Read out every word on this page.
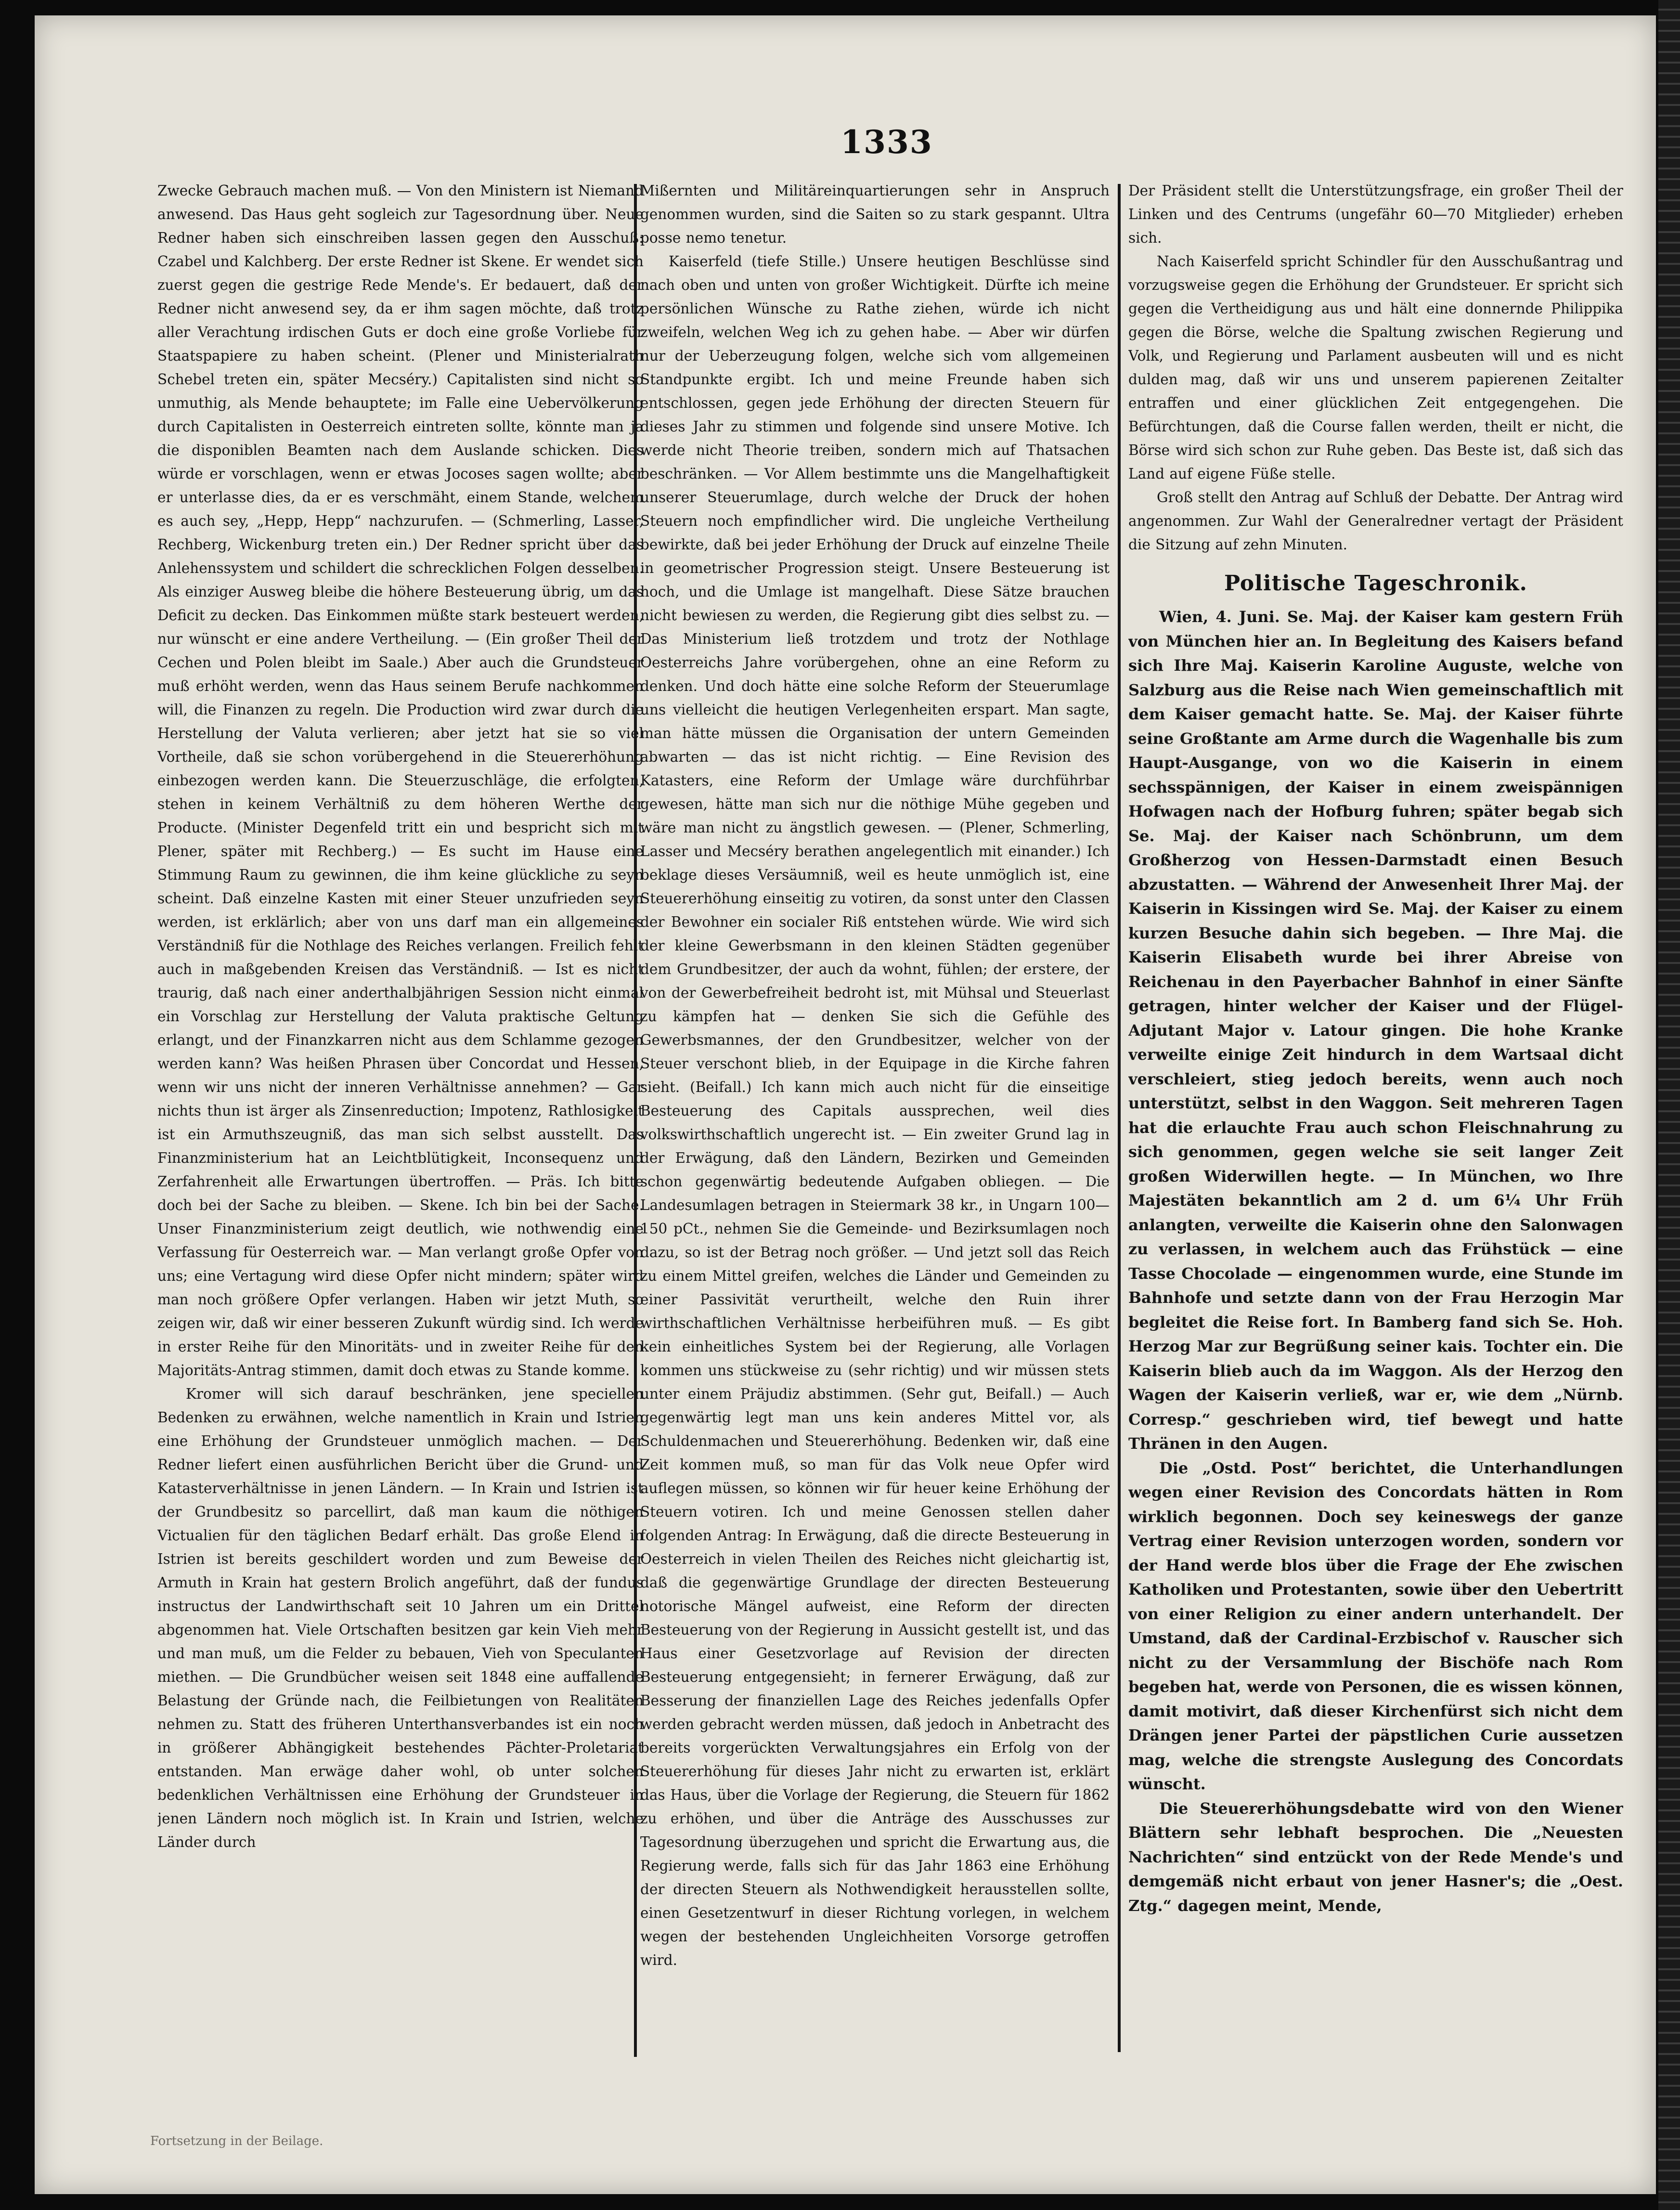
1333

Zwecke Gebrauch machen muß. — Von den Ministern ist Niemand anwesend. Das Haus geht sogleich zur Tagesordnung über. Neue Redner haben sich einschreiben lassen gegen den Ausschuß: Czabel und Kalchberg. Der erste Redner ist Skene. Er wendet sich zuerst gegen die gestrige Rede Mende's. Er bedauert, daß der Redner nicht anwesend sey, da er ihm sagen möchte, daß trotz aller Verachtung irdischen Guts er doch eine große Vorliebe für Staatspapiere zu haben scheint. (Plener und Ministerialrath Schebel treten ein, später Mecséry.) Capitalisten sind nicht so unmuthig, als Mende behauptete; im Falle eine Uebervölkerung durch Capitalisten in Oesterreich eintreten sollte, könnte man ja die disponiblen Beamten nach dem Auslande schicken. Dies würde er vorschlagen, wenn er etwas Jocoses sagen wollte; aber er unterlasse dies, da er es verschmäht, einem Stande, welchem es auch sey, „Hepp, Hepp“ nachzurufen. — (Schmerling, Lasser, Rechberg, Wickenburg treten ein.) Der Redner spricht über das Anlehenssystem und schildert die schrecklichen Folgen desselben. Als einziger Ausweg bleibe die höhere Besteuerung übrig, um das Deficit zu decken. Das Einkommen müßte stark besteuert werden, nur wünscht er eine andere Vertheilung. — (Ein großer Theil der Cechen und Polen bleibt im Saale.) Aber auch die Grundsteuer muß erhöht werden, wenn das Haus seinem Berufe nachkommen will, die Finanzen zu regeln. Die Production wird zwar durch die Herstellung der Valuta verlieren; aber jetzt hat sie so viel Vortheile, daß sie schon vorübergehend in die Steuererhöhung einbezogen werden kann. Die Steuerzuschläge, die erfolgten, stehen in keinem Verhältniß zu dem höheren Werthe der Producte. (Minister Degenfeld tritt ein und bespricht sich mit Plener, später mit Rechberg.) — Es sucht im Hause eine Stimmung Raum zu gewinnen, die ihm keine glückliche zu seyn scheint. Daß einzelne Kasten mit einer Steuer unzufrieden seyn werden, ist erklärlich; aber von uns darf man ein allgemeines Verständniß für die Nothlage des Reiches verlangen. Freilich fehlt auch in maßgebenden Kreisen das Verständniß. — Ist es nicht traurig, daß nach einer anderthalbjährigen Session nicht einmal ein Vorschlag zur Herstellung der Valuta praktische Geltung erlangt, und der Finanzkarren nicht aus dem Schlamme gezogen werden kann? Was heißen Phrasen über Concordat und Hessen, wenn wir uns nicht der inneren Verhältnisse annehmen? — Gar nichts thun ist ärger als Zinsenreduction; Impotenz, Rathlosigkeit ist ein Armuthszeugniß, das man sich selbst ausstellt. Das Finanzministerium hat an Leichtblütigkeit, Inconsequenz und Zerfahrenheit alle Erwartungen übertroffen. — Präs. Ich bitte doch bei der Sache zu bleiben. — Skene. Ich bin bei der Sache. Unser Finanzministerium zeigt deutlich, wie nothwendig eine Verfassung für Oesterreich war. — Man verlangt große Opfer von uns; eine Vertagung wird diese Opfer nicht mindern; später wird man noch größere Opfer verlangen. Haben wir jetzt Muth, so zeigen wir, daß wir einer besseren Zukunft würdig sind. Ich werde in erster Reihe für den Minoritäts- und in zweiter Reihe für den Majoritäts-Antrag stimmen, damit doch etwas zu Stande komme.

Kromer will sich darauf beschränken, jene speciellen Bedenken zu erwähnen, welche namentlich in Krain und Istrien eine Erhöhung der Grundsteuer unmöglich machen. — Der Redner liefert einen ausführlichen Bericht über die Grund- und Katasterverhältnisse in jenen Ländern. — In Krain und Istrien ist der Grundbesitz so parcellirt, daß man kaum die nöthigen Victualien für den täglichen Bedarf erhält. Das große Elend in Istrien ist bereits geschildert worden und zum Beweise der Armuth in Krain hat gestern Brolich angeführt, daß der fundus instructus der Landwirthschaft seit 10 Jahren um ein Drittel abgenommen hat. Viele Ortschaften besitzen gar kein Vieh mehr und man muß, um die Felder zu bebauen, Vieh von Speculanten miethen. — Die Grundbücher weisen seit 1848 eine auffallende Belastung der Gründe nach, die Feilbietungen von Realitäten nehmen zu. Statt des früheren Unterthansverbandes ist ein noch in größerer Abhängigkeit bestehendes Pächter-Proletariat entstanden. Man erwäge daher wohl, ob unter solchen bedenklichen Verhältnissen eine Erhöhung der Grundsteuer in jenen Ländern noch möglich ist. In Krain und Istrien, welche Länder durch

Mißernten und Militäreinquartierungen sehr in Anspruch genommen wurden, sind die Saiten so zu stark gespannt. Ultra posse nemo tenetur.

Kaiserfeld (tiefe Stille.) Unsere heutigen Beschlüsse sind nach oben und unten von großer Wichtigkeit. Dürfte ich meine persönlichen Wünsche zu Rathe ziehen, würde ich nicht zweifeln, welchen Weg ich zu gehen habe. — Aber wir dürfen nur der Ueberzeugung folgen, welche sich vom allgemeinen Standpunkte ergibt. Ich und meine Freunde haben sich entschlossen, gegen jede Erhöhung der directen Steuern für dieses Jahr zu stimmen und folgende sind unsere Motive. Ich werde nicht Theorie treiben, sondern mich auf Thatsachen beschränken. — Vor Allem bestimmte uns die Mangelhaftigkeit unserer Steuerumlage, durch welche der Druck der hohen Steuern noch empfindlicher wird. Die ungleiche Vertheilung bewirkte, daß bei jeder Erhöhung der Druck auf einzelne Theile in geometrischer Progression steigt. Unsere Besteuerung ist hoch, und die Umlage ist mangelhaft. Diese Sätze brauchen nicht bewiesen zu werden, die Regierung gibt dies selbst zu. — Das Ministerium ließ trotzdem und trotz der Nothlage Oesterreichs Jahre vorübergehen, ohne an eine Reform zu denken. Und doch hätte eine solche Reform der Steuerumlage uns vielleicht die heutigen Verlegenheiten erspart. Man sagte, man hätte müssen die Organisation der untern Gemeinden abwarten — das ist nicht richtig. — Eine Revision des Katasters, eine Reform der Umlage wäre durchführbar gewesen, hätte man sich nur die nöthige Mühe gegeben und wäre man nicht zu ängstlich gewesen. — (Plener, Schmerling, Lasser und Mecséry berathen angelegentlich mit einander.) Ich beklage dieses Versäumniß, weil es heute unmöglich ist, eine Steuererhöhung einseitig zu votiren, da sonst unter den Classen der Bewohner ein socialer Riß entstehen würde. Wie wird sich der kleine Gewerbsmann in den kleinen Städten gegenüber dem Grundbesitzer, der auch da wohnt, fühlen; der erstere, der von der Gewerbefreiheit bedroht ist, mit Mühsal und Steuerlast zu kämpfen hat — denken Sie sich die Gefühle des Gewerbsmannes, der den Grundbesitzer, welcher von der Steuer verschont blieb, in der Equipage in die Kirche fahren sieht. (Beifall.) Ich kann mich auch nicht für die einseitige Besteuerung des Capitals aussprechen, weil dies volkswirthschaftlich ungerecht ist. — Ein zweiter Grund lag in der Erwägung, daß den Ländern, Bezirken und Gemeinden schon gegenwärtig bedeutende Aufgaben obliegen. — Die Landesumlagen betragen in Steiermark 38 kr., in Ungarn 100—150 pCt., nehmen Sie die Gemeinde- und Bezirksumlagen noch dazu, so ist der Betrag noch größer. — Und jetzt soll das Reich zu einem Mittel greifen, welches die Länder und Gemeinden zu einer Passivität verurtheilt, welche den Ruin ihrer wirthschaftlichen Verhältnisse herbeiführen muß. — Es gibt kein einheitliches System bei der Regierung, alle Vorlagen kommen uns stückweise zu (sehr richtig) und wir müssen stets unter einem Präjudiz abstimmen. (Sehr gut, Beifall.) — Auch gegenwärtig legt man uns kein anderes Mittel vor, als Schuldenmachen und Steuererhöhung. Bedenken wir, daß eine Zeit kommen muß, so man für das Volk neue Opfer wird auflegen müssen, so können wir für heuer keine Erhöhung der Steuern votiren. Ich und meine Genossen stellen daher folgenden Antrag: In Erwägung, daß die directe Besteuerung in Oesterreich in vielen Theilen des Reiches nicht gleichartig ist, daß die gegenwärtige Grundlage der directen Besteuerung notorische Mängel aufweist, eine Reform der directen Besteuerung von der Regierung in Aussicht gestellt ist, und das Haus einer Gesetzvorlage auf Revision der directen Besteuerung entgegensieht; in fernerer Erwägung, daß zur Besserung der finanziellen Lage des Reiches jedenfalls Opfer werden gebracht werden müssen, daß jedoch in Anbetracht des bereits vorgerückten Verwaltungsjahres ein Erfolg von der Steuererhöhung für dieses Jahr nicht zu erwarten ist, erklärt das Haus, über die Vorlage der Regierung, die Steuern für 1862 zu erhöhen, und über die Anträge des Ausschusses zur Tagesordnung überzugehen und spricht die Erwartung aus, die Regierung werde, falls sich für das Jahr 1863 eine Erhöhung der directen Steuern als Nothwendigkeit herausstellen sollte, einen Gesetzentwurf in dieser Richtung vorlegen, in welchem wegen der bestehenden Ungleichheiten Vorsorge getroffen wird.

Der Präsident stellt die Unterstützungsfrage, ein großer Theil der Linken und des Centrums (ungefähr 60—70 Mitglieder) erheben sich.

Nach Kaiserfeld spricht Schindler für den Ausschußantrag und vorzugsweise gegen die Erhöhung der Grundsteuer. Er spricht sich gegen die Vertheidigung aus und hält eine donnernde Philippika gegen die Börse, welche die Spaltung zwischen Regierung und Volk, und Regierung und Parlament ausbeuten will und es nicht dulden mag, daß wir uns und unserem papierenen Zeitalter entraffen und einer glücklichen Zeit entgegengehen. Die Befürchtungen, daß die Course fallen werden, theilt er nicht, die Börse wird sich schon zur Ruhe geben. Das Beste ist, daß sich das Land auf eigene Füße stelle.

Groß stellt den Antrag auf Schluß der Debatte. Der Antrag wird angenommen. Zur Wahl der Generalredner vertagt der Präsident die Sitzung auf zehn Minuten.

Politische Tageschronik.

Wien, 4. Juni. Se. Maj. der Kaiser kam gestern Früh von München hier an. In Begleitung des Kaisers befand sich Ihre Maj. Kaiserin Karoline Auguste, welche von Salzburg aus die Reise nach Wien gemeinschaftlich mit dem Kaiser gemacht hatte. Se. Maj. der Kaiser führte seine Großtante am Arme durch die Wagenhalle bis zum Haupt-Ausgange, von wo die Kaiserin in einem sechsspännigen, der Kaiser in einem zweispännigen Hofwagen nach der Hofburg fuhren; später begab sich Se. Maj. der Kaiser nach Schönbrunn, um dem Großherzog von Hessen-Darmstadt einen Besuch abzustatten. — Während der Anwesenheit Ihrer Maj. der Kaiserin in Kissingen wird Se. Maj. der Kaiser zu einem kurzen Besuche dahin sich begeben. — Ihre Maj. die Kaiserin Elisabeth wurde bei ihrer Abreise von Reichenau in den Payerbacher Bahnhof in einer Sänfte getragen, hinter welcher der Kaiser und der Flügel-Adjutant Major v. Latour gingen. Die hohe Kranke verweilte einige Zeit hindurch in dem Wartsaal dicht verschleiert, stieg jedoch bereits, wenn auch noch unterstützt, selbst in den Waggon. Seit mehreren Tagen hat die erlauchte Frau auch schon Fleischnahrung zu sich genommen, gegen welche sie seit langer Zeit großen Widerwillen hegte. — In München, wo Ihre Majestäten bekanntlich am 2 d. um 6¼ Uhr Früh anlangten, verweilte die Kaiserin ohne den Salonwagen zu verlassen, in welchem auch das Frühstück — eine Tasse Chocolade — eingenommen wurde, eine Stunde im Bahnhofe und setzte dann von der Frau Herzogin Mar begleitet die Reise fort. In Bamberg fand sich Se. Hoh. Herzog Mar zur Begrüßung seiner kais. Tochter ein. Die Kaiserin blieb auch da im Waggon. Als der Herzog den Wagen der Kaiserin verließ, war er, wie dem „Nürnb. Corresp.“ geschrieben wird, tief bewegt und hatte Thränen in den Augen.

Die „Ostd. Post“ berichtet, die Unterhandlungen wegen einer Revision des Concordats hätten in Rom wirklich begonnen. Doch sey keineswegs der ganze Vertrag einer Revision unterzogen worden, sondern vor der Hand werde blos über die Frage der Ehe zwischen Katholiken und Protestanten, sowie über den Uebertritt von einer Religion zu einer andern unterhandelt. Der Umstand, daß der Cardinal-Erzbischof v. Rauscher sich nicht zu der Versammlung der Bischöfe nach Rom begeben hat, werde von Personen, die es wissen können, damit motivirt, daß dieser Kirchenfürst sich nicht dem Drängen jener Partei der päpstlichen Curie aussetzen mag, welche die strengste Auslegung des Concordats wünscht.

Die Steuererhöhungsdebatte wird von den Wiener Blättern sehr lebhaft besprochen. Die „Neuesten Nachrichten“ sind entzückt von der Rede Mende's und demgemäß nicht erbaut von jener Hasner's; die „Oest. Ztg.“ dagegen meint, Mende,

Fortsetzung in der Beilage.
